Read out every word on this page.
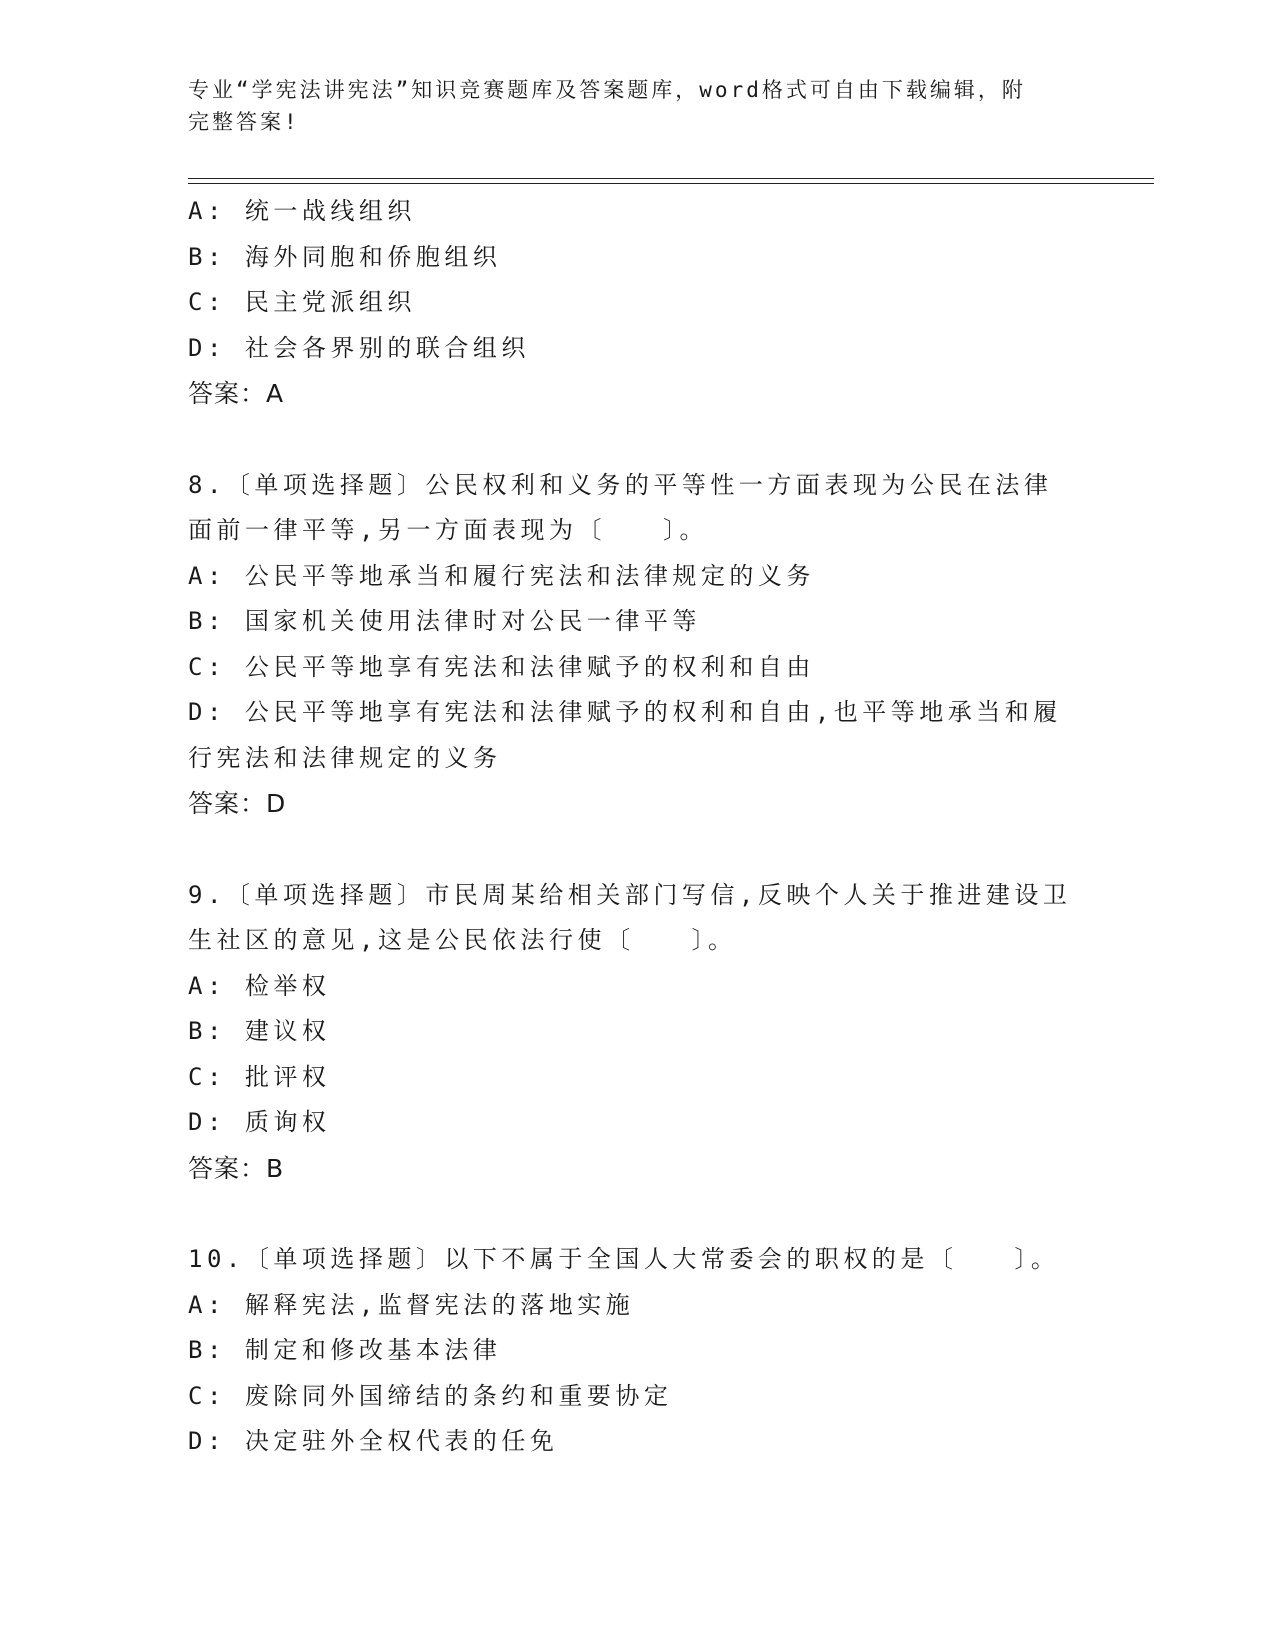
专业“学宪法讲宪法”知识竞赛题库及答案题库，word格式可自由下载编辑，附
完整答案!
A: 统一战线组织
B: 海外同胞和侨胞组织
C: 民主党派组织
D: 社会各界别的联合组织
答案：A
8.〔单项选择题〕公民权利和义务的平等性一方面表现为公民在法律
面前一律平等,另一方面表现为〔　　〕。
A: 公民平等地承当和履行宪法和法律规定的义务
B: 国家机关使用法律时对公民一律平等
C: 公民平等地享有宪法和法律赋予的权利和自由
D: 公民平等地享有宪法和法律赋予的权利和自由,也平等地承当和履
行宪法和法律规定的义务
答案：D
9.〔单项选择题〕市民周某给相关部门写信,反映个人关于推进建设卫
生社区的意见,这是公民依法行使〔　　〕。
A: 检举权
B: 建议权
C: 批评权
D: 质询权
答案：B
10.〔单项选择题〕以下不属于全国人大常委会的职权的是〔　　〕。
A: 解释宪法,监督宪法的落地实施
B: 制定和修改基本法律
C: 废除同外国缔结的条约和重要协定
D: 决定驻外全权代表的任免
